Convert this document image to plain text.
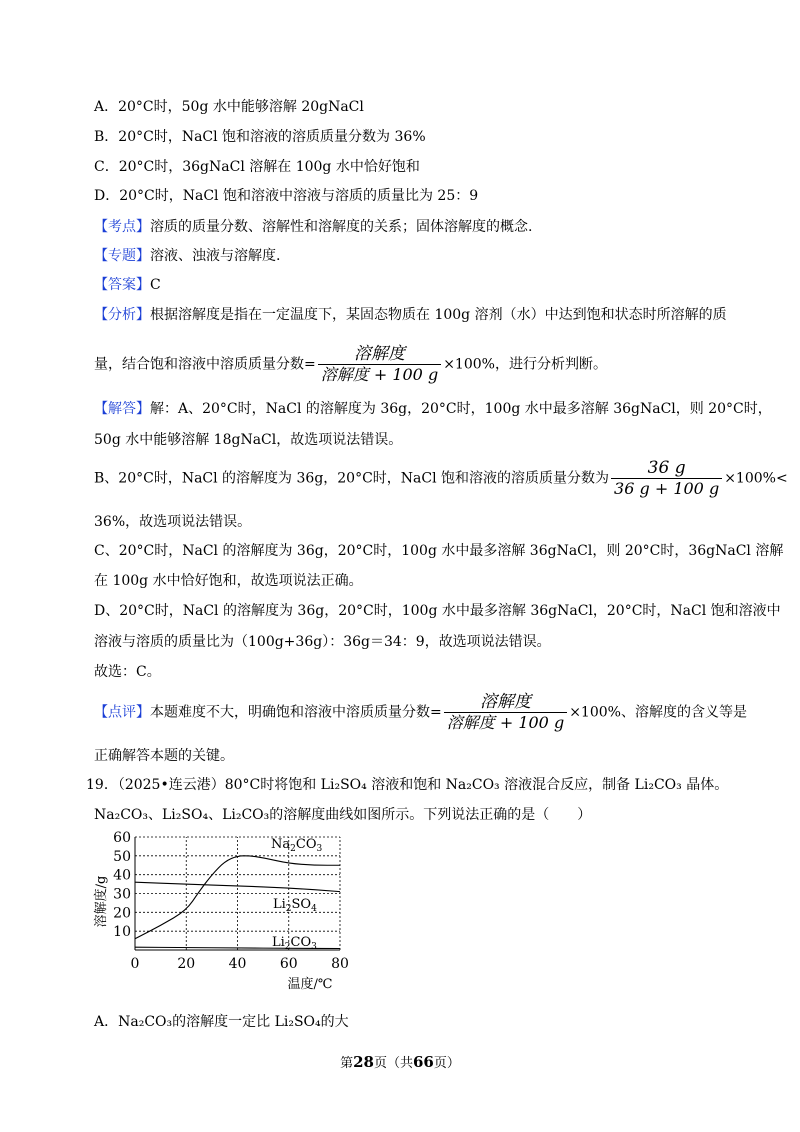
A．20°C时，50g 水中能够溶解 20gNaCl
B．20°C时，NaCl 饱和溶液的溶质质量分数为 36%
C．20°C时，36gNaCl 溶解在 100g 水中恰好饱和
D．20°C时，NaCl 饱和溶液中溶液与溶质的质量比为 25：9
【考点】溶质的质量分数、溶解性和溶解度的关系；固体溶解度的概念.
【专题】溶液、浊液与溶解度.
【答案】C
【分析】根据溶解度是指在一定温度下，某固态物质在 100g 溶剂（水）中达到饱和状态时所溶解的质
量，结合饱和溶液中溶质质量分数= $\frac{\text{溶解度}}{\text{溶解度 + 100 g}} \times 100\%$，进行分析判断。
【解答】解：A、20°C时，NaCl 的溶解度为 36g，20°C时，100g 水中最多溶解 36gNaCl，则 20°C时，
50g 水中能够溶解 18gNaCl，故选项说法错误。
B、20°C时，NaCl 的溶解度为 36g，20°C时，NaCl 饱和溶液的溶质质量分数为 $\frac{36 g}{36 g + 100 g} \times 100\%<$
36%，故选项说法错误。
C、20°C时，NaCl 的溶解度为 36g，20°C时，100g 水中最多溶解 36gNaCl，则 20°C时，36gNaCl 溶解
在 100g 水中恰好饱和，故选项说法正确。
D、20°C时，NaCl 的溶解度为 36g，20°C时，100g 水中最多溶解 36gNaCl，20°C时，NaCl 饱和溶液中
溶液与溶质的质量比为（100g+36g）：36g＝34：9，故选项说法错误。
故选：C。
【点评】本题难度不大，明确饱和溶液中溶质质量分数= $\frac{\text{溶解度}}{\text{溶解度 + 100 g}} \times 100\%$、溶解度的含义等是
正确解答本题的关键。
19．（2025•连云港）80°C时将饱和 Li₂SO₄ 溶液和饱和 Na₂CO₃ 溶液混合反应，制备 Li₂CO₃ 晶体。
Na₂CO₃、Li₂SO₄、Li₂CO₃的溶解度曲线如图所示。下列说法正确的是（　　）
0	20 40 60 80
10
20
30
40
50
60
温度/℃
溶解度/g
$Na_2CO_3$
$Li_2SO_4$
$Li_2CO_3$
A．Na₂CO₃的溶解度一定比 Li₂SO₄的大
第28页（共66页）
